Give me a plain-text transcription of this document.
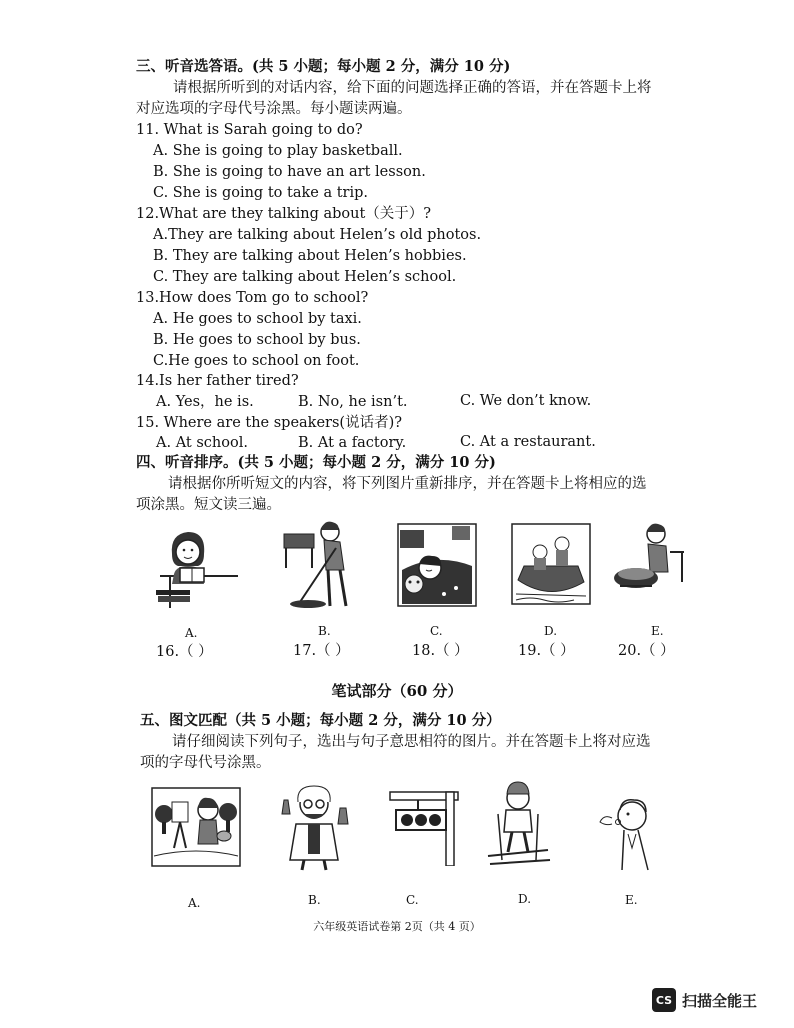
三、听音选答语。(共 5 小题；每小题 2 分，满分 10 分)
请根据所听到的对话内容，给下面的问题选择正确的答语，并在答题卡上将
对应选项的字母代号涂黑。每小题读两遍。
11. What is Sarah going to do?
A. She is going to play basketball.
B. She is going to have an art lesson.
C. She is going to take a trip.
12.What are they talking about（关于）?
A.They are talking about Helen’s old photos.
B. They are talking about Helen’s hobbies.
C. They are talking about Helen’s school.
13.How does Tom go to school?
A. He goes to school by taxi.
B. He goes to school by bus.
C.He goes to school on foot.
14.Is her father tired?
A. Yes，he is.	B. No, he isn’t.	C. We don’t know.
15. Where are the speakers(说话者)?
A. At school.	B. At a factory.	C. At a restaurant.
四、听音排序。(共 5 小题；每小题 2 分，满分 10 分)
请根据你所听短文的内容，将下列图片重新排序，并在答题卡上将相应的选
项涂黑。短文读三遍。
A.	B.	C.	D.	E.
16.（ ）	17.（ ）	18.（ ）	19.（ ）	20.（ ）
笔试部分（60 分）
五、图文匹配（共 5 小题；每小题 2 分，满分 10 分）
请仔细阅读下列句子，选出与句子意思相符的图片。并在答题卡上将对应选
项的字母代号涂黑。
A.	B.	C.	D.	E.
六年级英语试卷第 2页（共 4 页）
CS 扫描全能王
